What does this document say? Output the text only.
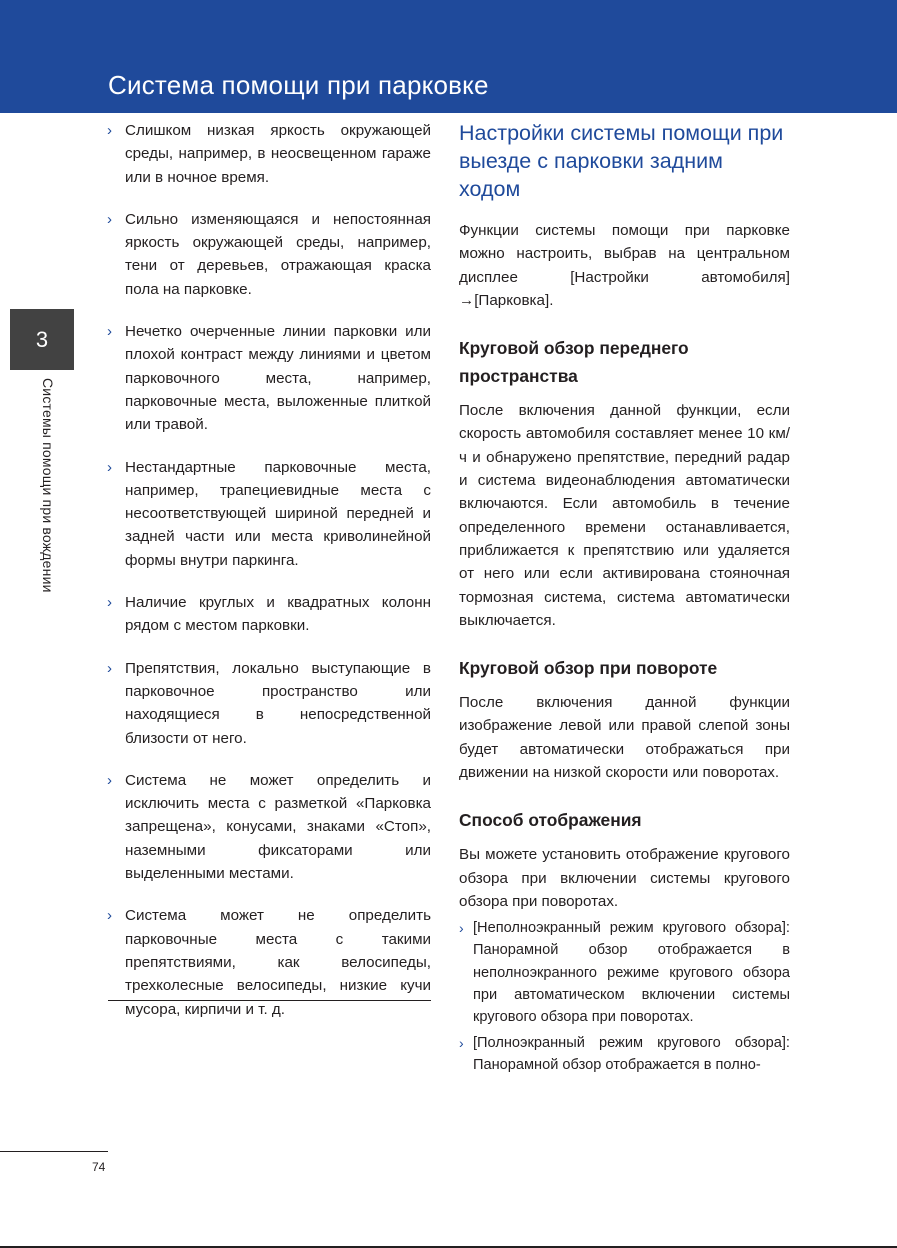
Система помощи при парковке
3
Системы помощи при вождении
› Слишком низкая яркость окружающей среды, например, в неосвещенном гараже или в ночное время.
› Сильно изменяющаяся и непостоянная яркость окружающей среды, например, тени от деревьев, отражающая краска пола на парковке.
› Нечетко очерченные линии парковки или плохой контраст между линиями и цветом парковочного места, например, парковочные места, выложенные плиткой или травой.
› Нестандартные парковочные места, например, трапециевидные места с несоответствующей шириной передней и задней части или места криволинейной формы внутри паркинга.
› Наличие круглых и квадратных колонн рядом с местом парковки.
› Препятствия, локально выступающие в парковочное пространство или находящиеся в непосредственной близости от него.
› Система не может определить и исключить места с разметкой «Парковка запрещена», конусами, знаками «Стоп», наземными фиксаторами или выделенными местами.
› Система может не определить парковочные места с такими препятствиями, как велосипеды, трехколесные велосипеды, низкие кучи мусора, кирпичи и т. д.
Настройки системы помощи при выезде с парковки задним ходом

Функции системы помощи при парковке можно настроить, выбрав на центральном дисплее [Настройки автомобиля] →[Парковка].

Круговой обзор переднего пространства

После включения данной функции, если скорость автомобиля составляет менее 10 км/ч и обнаружено препятствие, передний радар и система видеонаблюдения автоматически включаются. Если автомобиль в течение определенного времени останавливается, приближается к препятствию или удаляется от него или если активирована стояночная тормозная система, система автоматически выключается.

Круговой обзор при повороте

После включения данной функции изображение левой или правой слепой зоны будет автоматически отображаться при движении на низкой скорости или поворотах.

Способ отображения

Вы можете установить отображение кругового обзора при включении системы кругового обзора при поворотах.

› [Неполноэкранный режим кругового обзора]: Панорамной обзор отображается в неполноэкранного режиме кругового обзора при автоматическом включении системы кругового обзора при поворотах.
› [Полноэкранный режим кругового обзора]: Панорамной обзор отображается в полно-
74
